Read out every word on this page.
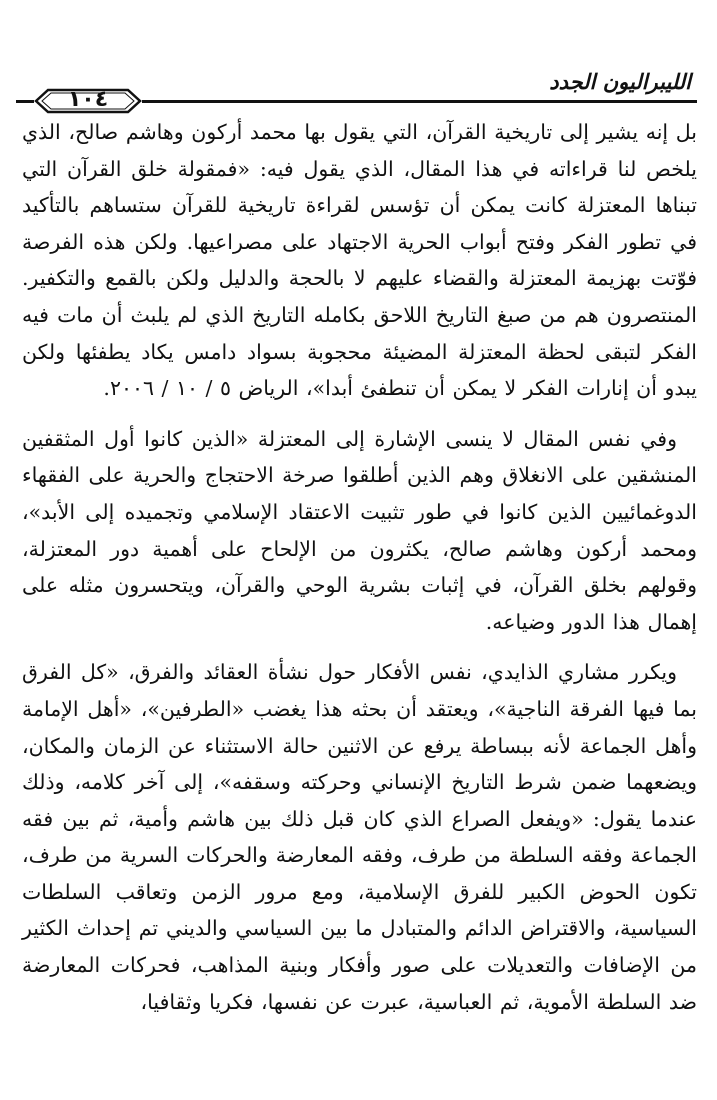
الليبراليون الجدد
١٠٤

بل إنه يشير إلى تاريخية القرآن، التي يقول بها محمد أركون وهاشم صالح، الذي يلخص لنا قراءاته في هذا المقال، الذي يقول فيه: «فمقولة خلق القرآن التي تبناها المعتزلة كانت يمكن أن تؤسس لقراءة تاريخية للقرآن ستساهم بالتأكيد في تطور الفكر وفتح أبواب الحرية الاجتهاد على مصراعيها. ولكن هذه الفرصة فوّتت بهزيمة المعتزلة والقضاء عليهم لا بالحجة والدليل ولكن بالقمع والتكفير. المنتصرون هم من صبغ التاريخ اللاحق بكامله التاريخ الذي لم يلبث أن مات فيه الفكر لتبقى لحظة المعتزلة المضيئة محجوبة بسواد دامس يكاد يطفئها ولكن يبدو أن إنارات الفكر لا يمكن أن تنطفئ أبدا»، الرياض ٥ / ١٠ / ٢٠٠٦.

وفي نفس المقال لا ينسى الإشارة إلى المعتزلة «الذين كانوا أول المثقفين المنشقين على الانغلاق وهم الذين أطلقوا صرخة الاحتجاج والحرية على الفقهاء الدوغمائيين الذين كانوا في طور تثبيت الاعتقاد الإسلامي وتجميده إلى الأبد»، ومحمد أركون وهاشم صالح، يكثرون من الإلحاح على أهمية دور المعتزلة، وقولهم بخلق القرآن، في إثبات بشرية الوحي والقرآن، ويتحسرون مثله على إهمال هذا الدور وضياعه.

ويكرر مشاري الذايدي، نفس الأفكار حول نشأة العقائد والفرق، «كل الفرق بما فيها الفرقة الناجية»، ويعتقد أن بحثه هذا يغضب «الطرفين»، «أهل الإمامة وأهل الجماعة لأنه ببساطة يرفع عن الاثنين حالة الاستثناء عن الزمان والمكان، ويضعهما ضمن شرط التاريخ الإنساني وحركته وسقفه»، إلى آخر كلامه، وذلك عندما يقول: «ويفعل الصراع الذي كان قبل ذلك بين هاشم وأمية، ثم بين فقه الجماعة وفقه السلطة من طرف، وفقه المعارضة والحركات السرية من طرف، تكون الحوض الكبير للفرق الإسلامية، ومع مرور الزمن وتعاقب السلطات السياسية، والاقتراض الدائم والمتبادل ما بين السياسي والديني تم إحداث الكثير من الإضافات والتعديلات على صور وأفكار وبنية المذاهب، فحركات المعارضة ضد السلطة الأموية، ثم العباسية، عبرت عن نفسها، فكريا وثقافيا،
